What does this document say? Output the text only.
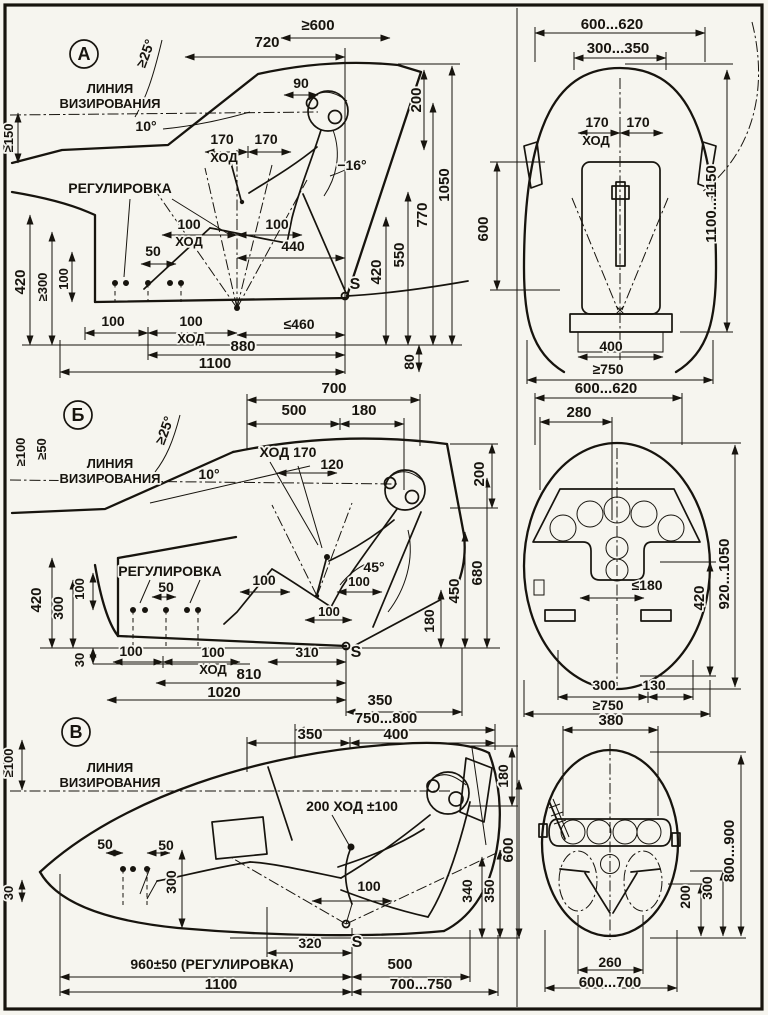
А
ЛИНИЯ
ВИЗИРОВАНИЯ
≥25°
10°
≥600
720
90
200
1050
770
550
420
80
−16°
170 170
ХОД
РЕГУЛИРОВКА
100
ХОД
100
440
50
≥150
420 ≥300 100
100	100
ХОД
≤460
880
1100
S
600...620
300...350
170 170
ХОД
600	1100...1150
400
≥750
Б
≥100 ≥50
ЛИНИЯ
ВИЗИРОВАНИЯ
≥25°
10°
700
500	180
ХОД 170
120	200
РЕГУЛИРОВКА
50	100
45°
100
100
420 300
100
30
100	100
ХОД
310
810
1020	350
S
180
450
680
600...620
280
≤180
420 920...1050
300 130
≥750
В
ЛИНИЯ
ВИЗИРОВАНИЯ
≥100
30
750...800
350	400
180
200 ХОД ±100
50	50
300	100	340 350
600
320 S
960±50 (РЕГУЛИРОВКА)	500
1100	700...750
380
800...900
300
200
260
600...700
